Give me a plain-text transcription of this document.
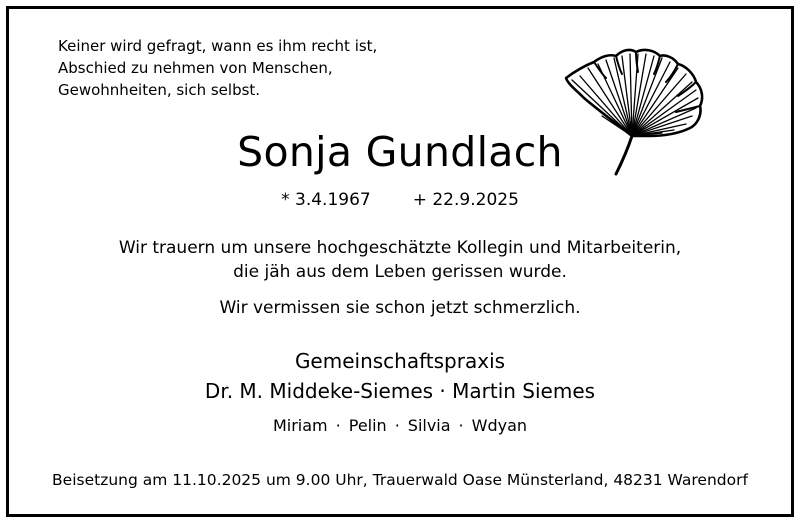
Keiner wird gefragt, wann es ihm recht ist,
Abschied zu nehmen von Menschen,
Gewohnheiten, sich selbst.
Sonja Gundlach
* 3.4.1967 + 22.9.2025
Wir trauern um unsere hochgeschätzte Kollegin und Mitarbeiterin,
die jäh aus dem Leben gerissen wurde.
Wir vermissen sie schon jetzt schmerzlich.
Gemeinschaftspraxis
Dr. M. Middeke-Siemes · Martin Siemes
Miriam · Pelin · Silvia · Wdyan
Beisetzung am 11.10.2025 um 9.00 Uhr, Trauerwald Oase Münsterland, 48231 Warendorf
